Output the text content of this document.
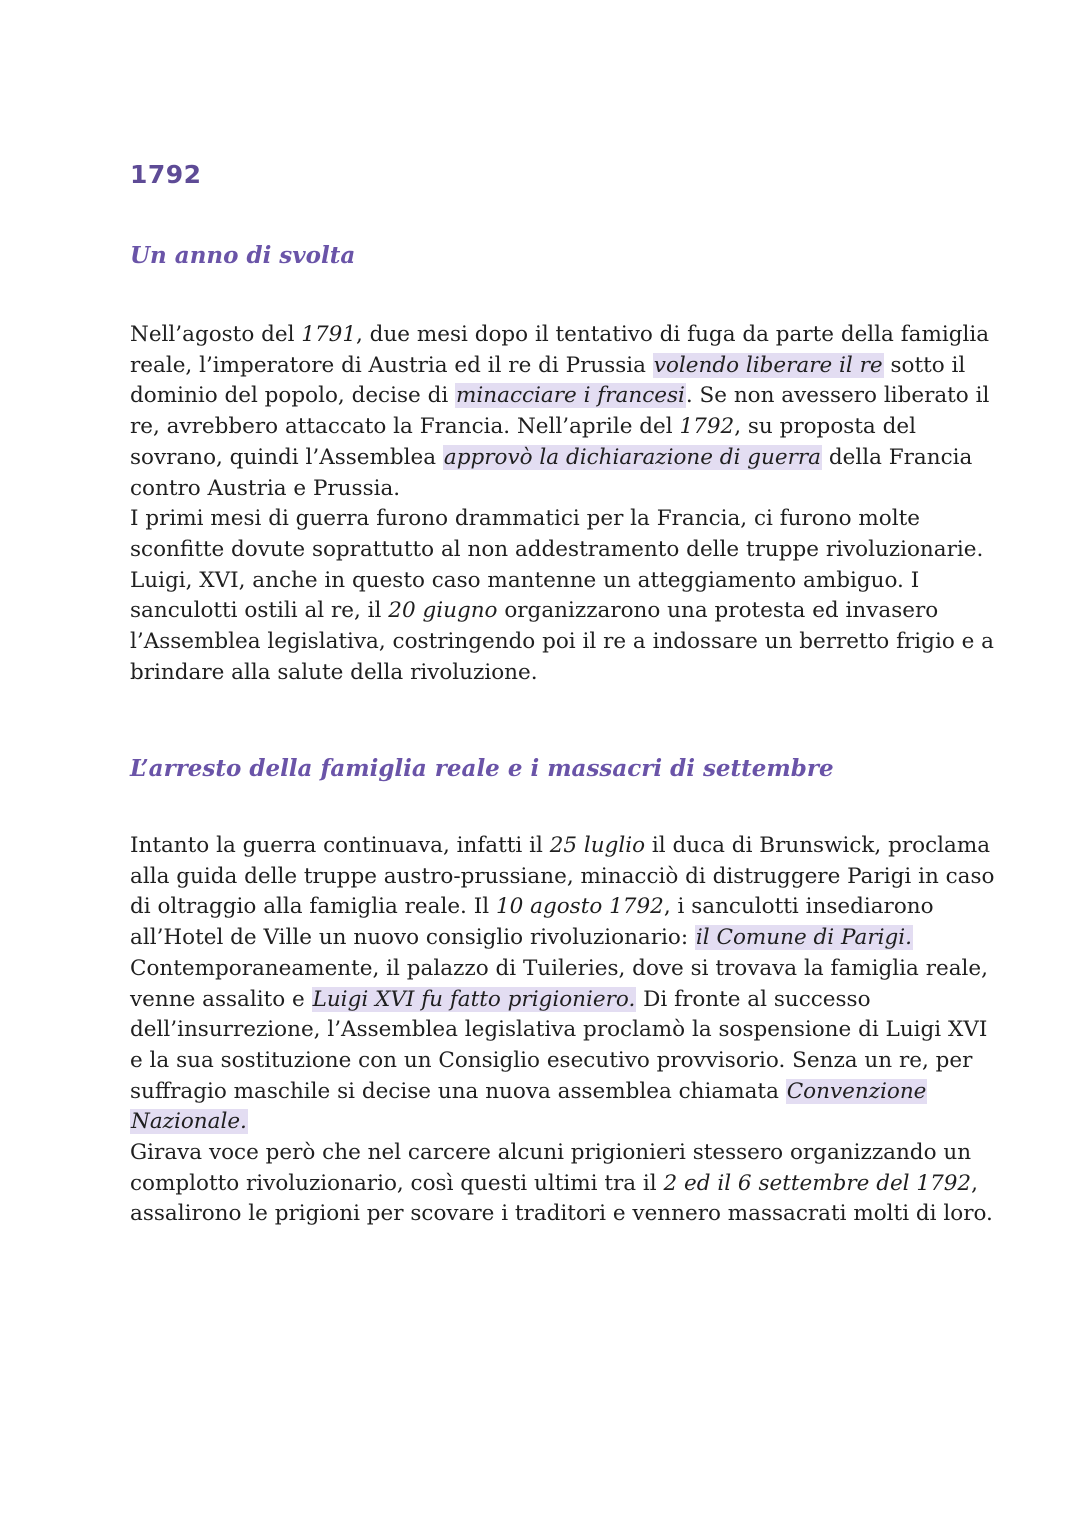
1792
Un anno di svolta

Nell’agosto del 1791, due mesi dopo il tentativo di fuga da parte della famiglia
reale, l’imperatore di Austria ed il re di Prussia volendo liberare il re sotto il
dominio del popolo, decise di minacciare i francesi. Se non avessero liberato il
re, avrebbero attaccato la Francia. Nell’aprile del 1792, su proposta del
sovrano, quindi l’Assemblea approvò la dichiarazione di guerra della Francia
contro Austria e Prussia.
I primi mesi di guerra furono drammatici per la Francia, ci furono molte
sconfitte dovute soprattutto al non addestramento delle truppe rivoluzionarie.
Luigi, XVI, anche in questo caso mantenne un atteggiamento ambiguo. I
sanculotti ostili al re, il 20 giugno organizzarono una protesta ed invasero
l’Assemblea legislativa, costringendo poi il re a indossare un berretto frigio e a
brindare alla salute della rivoluzione.

L’arresto della famiglia reale e i massacri di settembre

Intanto la guerra continuava, infatti il 25 luglio il duca di Brunswick, proclama
alla guida delle truppe austro-prussiane, minacciò di distruggere Parigi in caso
di oltraggio alla famiglia reale. Il 10 agosto 1792, i sanculotti insediarono
all’Hotel de Ville un nuovo consiglio rivoluzionario: il Comune di Parigi.
Contemporaneamente, il palazzo di Tuileries, dove si trovava la famiglia reale,
venne assalito e Luigi XVI fu fatto prigioniero. Di fronte al successo
dell’insurrezione, l’Assemblea legislativa proclamò la sospensione di Luigi XVI
e la sua sostituzione con un Consiglio esecutivo provvisorio. Senza un re, per
suffragio maschile si decise una nuova assemblea chiamata Convenzione
Nazionale.
Girava voce però che nel carcere alcuni prigionieri stessero organizzando un
complotto rivoluzionario, così questi ultimi tra il 2 ed il 6 settembre del 1792,
assalirono le prigioni per scovare i traditori e vennero massacrati molti di loro.
